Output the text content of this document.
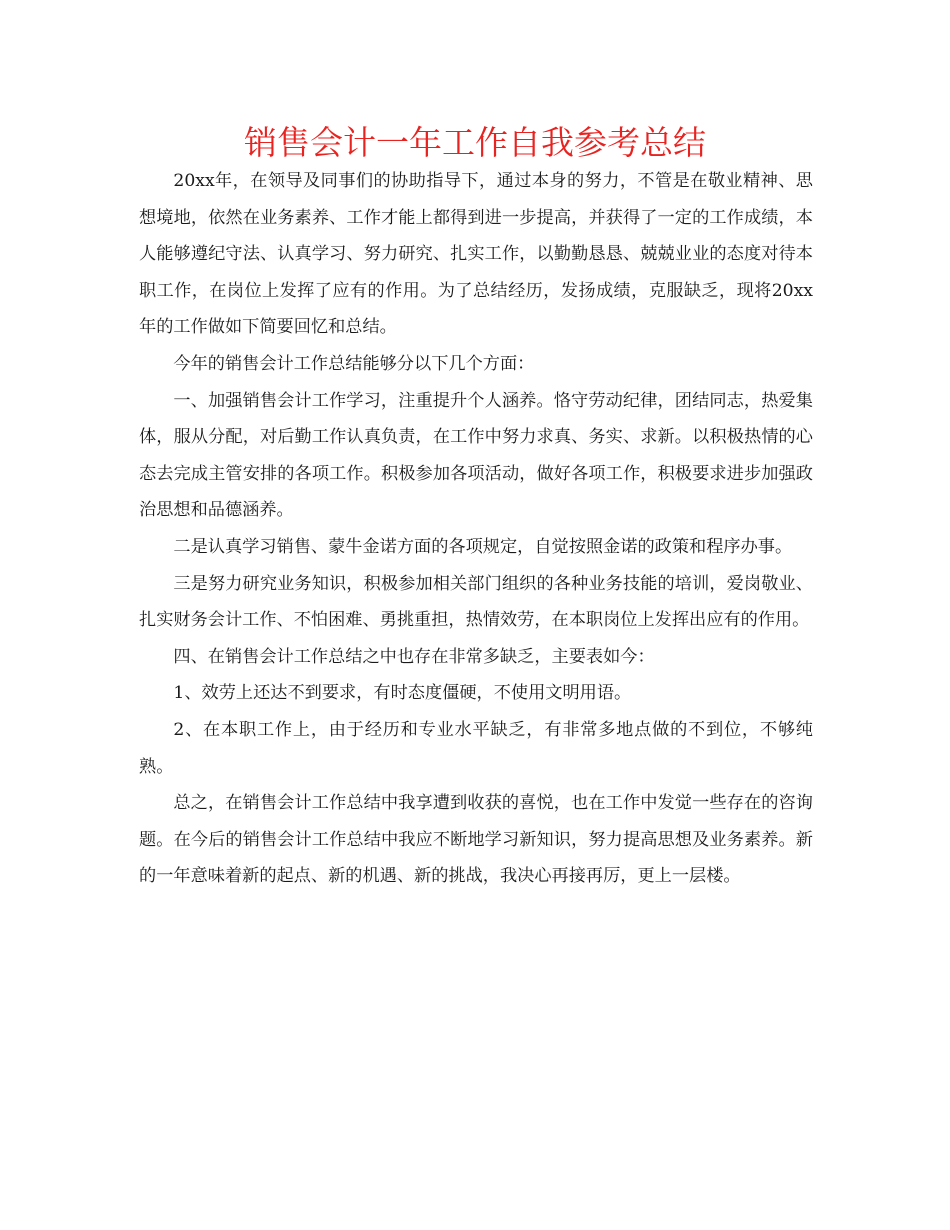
销售会计一年工作自我参考总结

20xx年，在领导及同事们的协助指导下，通过本身的努力，不管是在敬业精神、思想境地，依然在业务素养、工作才能上都得到进一步提高，并获得了一定的工作成绩，本人能够遵纪守法、认真学习、努力研究、扎实工作，以勤勤恳恳、兢兢业业的态度对待本职工作，在岗位上发挥了应有的作用。为了总结经历，发扬成绩，克服缺乏，现将20xx年的工作做如下简要回忆和总结。

今年的销售会计工作总结能够分以下几个方面：

一、加强销售会计工作学习，注重提升个人涵养。恪守劳动纪律，团结同志，热爱集体，服从分配，对后勤工作认真负责，在工作中努力求真、务实、求新。以积极热情的心态去完成主管安排的各项工作。积极参加各项活动，做好各项工作，积极要求进步加强政治思想和品德涵养。

二是认真学习销售、蒙牛金诺方面的各项规定，自觉按照金诺的政策和程序办事。

三是努力研究业务知识，积极参加相关部门组织的各种业务技能的培训，爱岗敬业、扎实财务会计工作、不怕困难、勇挑重担，热情效劳，在本职岗位上发挥出应有的作用。

四、在销售会计工作总结之中也存在非常多缺乏，主要表如今：

1、效劳上还达不到要求，有时态度僵硬，不使用文明用语。

2、在本职工作上，由于经历和专业水平缺乏，有非常多地点做的不到位，不够纯熟。

总之，在销售会计工作总结中我享遭到收获的喜悦，也在工作中发觉一些存在的咨询题。在今后的销售会计工作总结中我应不断地学习新知识，努力提高思想及业务素养。新的一年意味着新的起点、新的机遇、新的挑战，我决心再接再厉，更上一层楼。
